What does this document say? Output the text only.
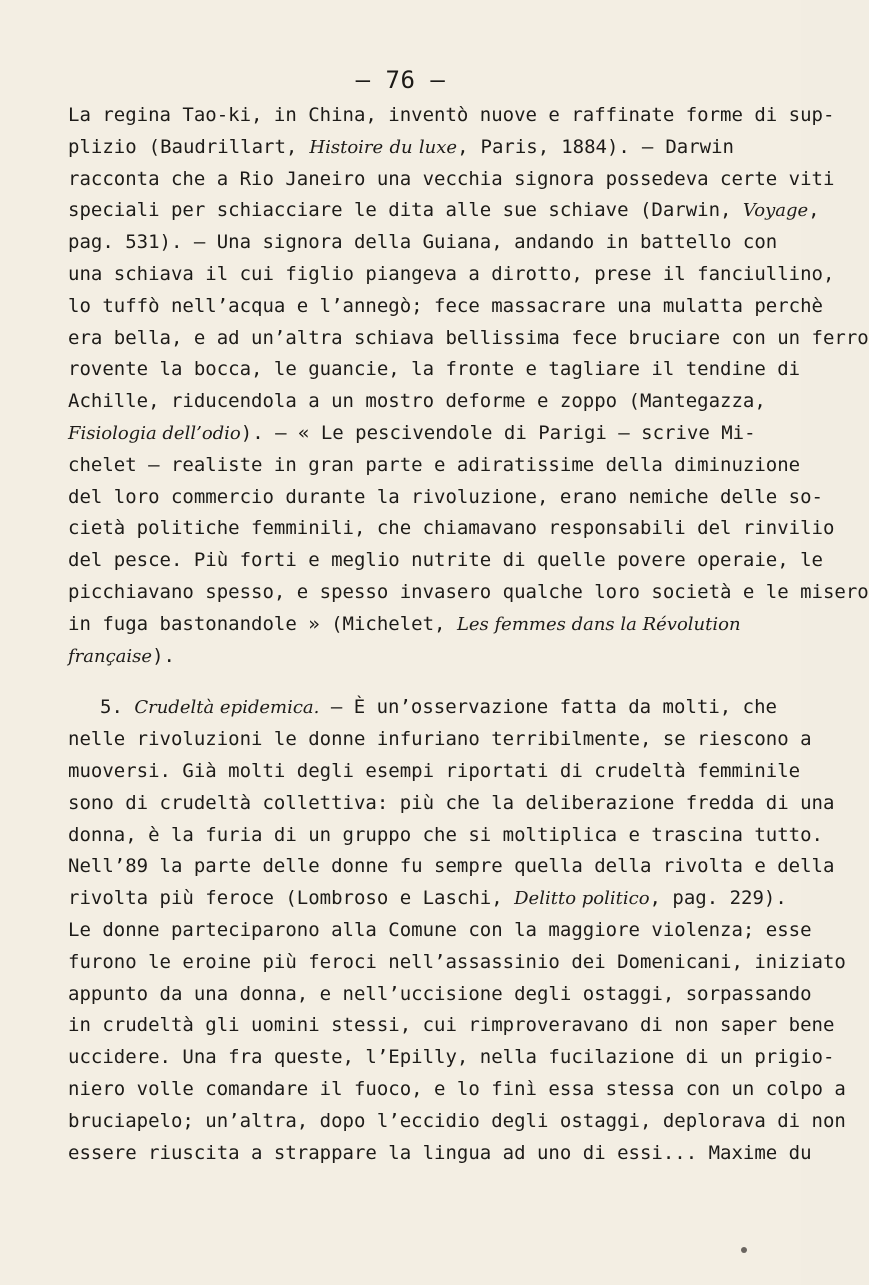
— 76 —
La regina Tao-ki, in China, inventò nuove e raffinate forme di sup-
plizio (Baudrillart, Histoire du luxe, Paris, 1884). — Darwin
racconta che a Rio Janeiro una vecchia signora possedeva certe viti
speciali per schiacciare le dita alle sue schiave (Darwin, Voyage,
pag. 531). — Una signora della Guiana, andando in battello con
una schiava il cui figlio piangeva a dirotto, prese il fanciullino,
lo tuffò nell’acqua e l’annegò; fece massacrare una mulatta perchè
era bella, e ad un’altra schiava bellissima fece bruciare con un ferro
rovente la bocca, le guancie, la fronte e tagliare il tendine di
Achille, riducendola a un mostro deforme e zoppo (Mantegazza,
Fisiologia dell’odio). — « Le pescivendole di Parigi — scrive Mi-
chelet — realiste in gran parte e adiratissime della diminuzione
del loro commercio durante la rivoluzione, erano nemiche delle so-
cietà politiche femminili, che chiamavano responsabili del rinvilio
del pesce. Più forti e meglio nutrite di quelle povere operaie, le
picchiavano spesso, e spesso invasero qualche loro società e le misero
in fuga bastonandole » (Michelet, Les femmes dans la Révolution
française).
5. Crudeltà epidemica. — È un’osservazione fatta da molti, che
nelle rivoluzioni le donne infuriano terribilmente, se riescono a
muoversi. Già molti degli esempi riportati di crudeltà femminile
sono di crudeltà collettiva: più che la deliberazione fredda di una
donna, è la furia di un gruppo che si moltiplica e trascina tutto.
Nell’89 la parte delle donne fu sempre quella della rivolta e della
rivolta più feroce (Lombroso e Laschi, Delitto politico, pag. 229).
Le donne parteciparono alla Comune con la maggiore violenza; esse
furono le eroine più feroci nell’assassinio dei Domenicani, iniziato
appunto da una donna, e nell’uccisione degli ostaggi, sorpassando
in crudeltà gli uomini stessi, cui rimproveravano di non saper bene
uccidere. Una fra queste, l’Epilly, nella fucilazione di un prigio-
niero volle comandare il fuoco, e lo finì essa stessa con un colpo a
bruciapelo; un’altra, dopo l’eccidio degli ostaggi, deplorava di non
essere riuscita a strappare la lingua ad uno di essi... Maxime du
